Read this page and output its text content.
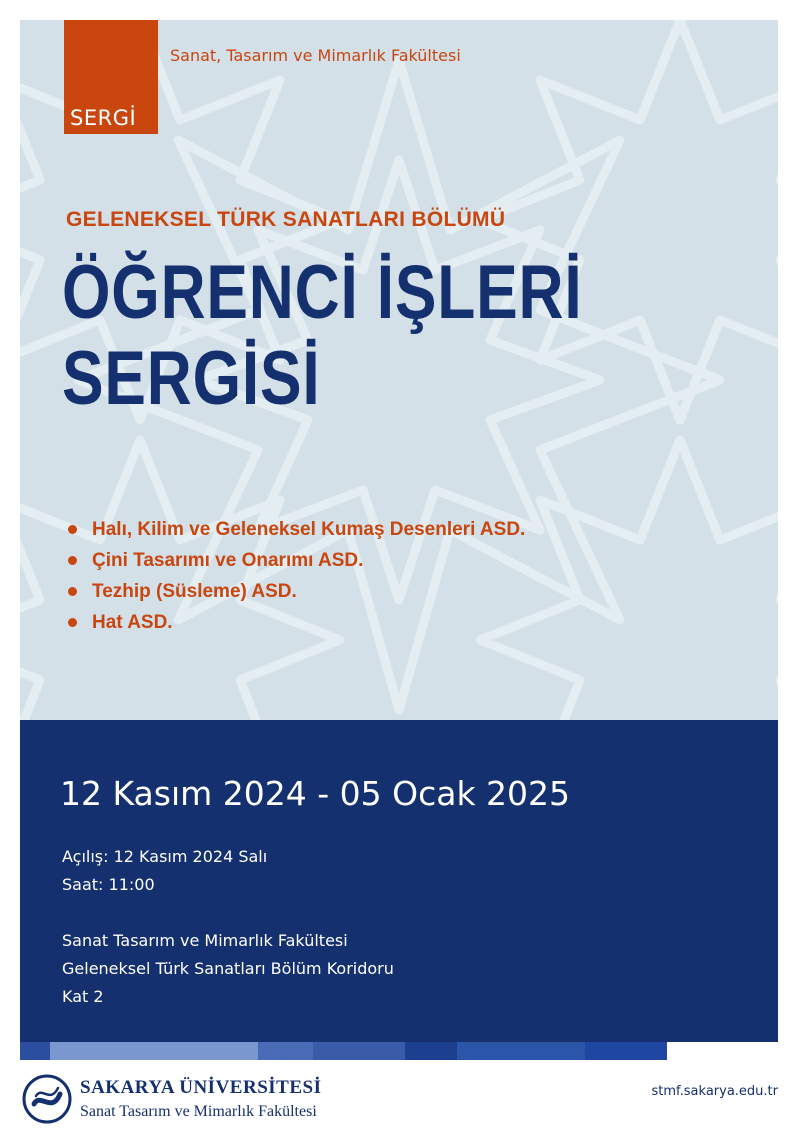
Sanat, Tasarım ve Mimarlık Fakültesi
GELENEKSEL TÜRK SANATLARI BÖLÜMÜ
ÖĞRENCİ İŞLERİ
SERGİSİ
Halı, Kilim ve Geleneksel Kumaş Desenleri ASD.
Çini Tasarımı ve Onarımı ASD.
Tezhip (Süsleme) ASD.
Hat ASD.
SERGİ
12 Kasım 2024 - 05 Ocak 2025
Açılış: 12 Kasım 2024 Salı
Saat: 11:00
Sanat Tasarım ve Mimarlık Fakültesi
Geleneksel Türk Sanatları Bölüm Koridoru
Kat 2
SAKARYA ÜNİVERSİTESİ
Sanat Tasarım ve Mimarlık Fakültesi
stmf.sakarya.edu.tr
